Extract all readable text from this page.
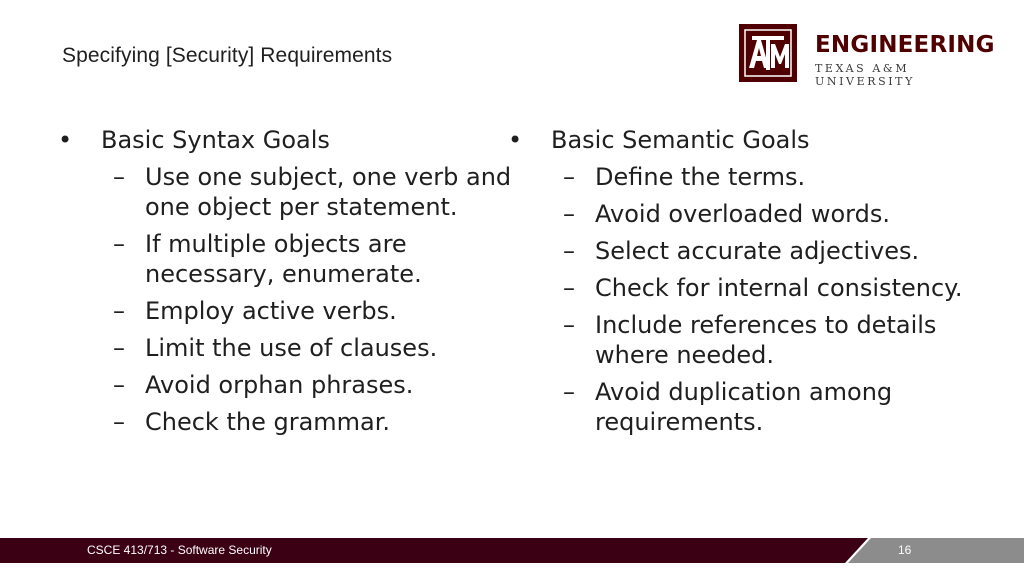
Specifying [Security] Requirements	ENGINEERING
TEXAS A&M UNIVERSITY
• Basic Syntax Goals
– Use one subject, one verb and one object per statement.
– If multiple objects are necessary, enumerate.
– Employ active verbs.
– Limit the use of clauses.
– Avoid orphan phrases.
– Check the grammar.
• Basic Semantic Goals
– Define the terms.
– Avoid overloaded words.
– Select accurate adjectives.
– Check for internal consistency.
– Include references to details where needed.
– Avoid duplication among requirements.
CSCE 413/713 - Software Security	16
